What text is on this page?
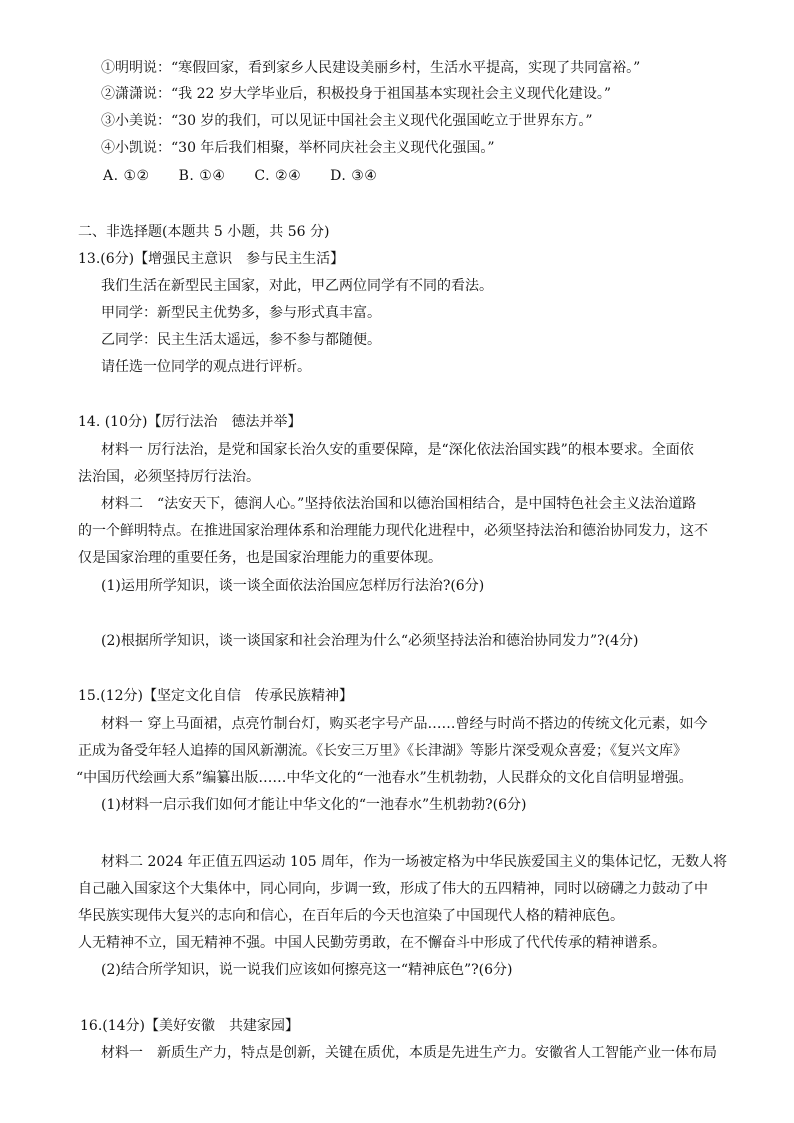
①明明说：“寒假回家，看到家乡人民建设美丽乡村，生活水平提高，实现了共同富裕。”
②潇潇说：“我 22 岁大学毕业后，积极投身于祖国基本实现社会主义现代化建设。”
③小美说：“30 岁的我们，可以见证中国社会主义现代化强国屹立于世界东方。”
④小凯说：“30 年后我们相聚，举杯同庆社会主义现代化强国。”
A. ①②　　B. ①④　　C. ②④　　D. ③④
二、非选择题(本题共 5 小题，共 56 分)
13.(6分)【增强民主意识　参与民主生活】
我们生活在新型民主国家，对此，甲乙两位同学有不同的看法。
甲同学：新型民主优势多，参与形式真丰富。
乙同学：民主生活太遥远，参不参与都随便。
请任选一位同学的观点进行评析。
14. (10分)【厉行法治　德法并举】
材料一 厉行法治，是党和国家长治久安的重要保障，是“深化依法治国实践”的根本要求。全面依
法治国，必须坚持厉行法治。
材料二　“法安天下，德润人心。”坚持依法治国和以德治国相结合，是中国特色社会主义法治道路
的一个鲜明特点。在推进国家治理体系和治理能力现代化进程中，必须坚持法治和德治协同发力，这不
仅是国家治理的重要任务，也是国家治理能力的重要体现。
(1)运用所学知识，谈一谈全面依法治国应怎样厉行法治?(6分)
(2)根据所学知识，谈一谈国家和社会治理为什么“必须坚持法治和德治协同发力”?(4分)
15.(12分)【坚定文化自信　传承民族精神】
材料一 穿上马面裙，点亮竹制台灯，购买老字号产品……曾经与时尚不搭边的传统文化元素，如今
正成为备受年轻人追捧的国风新潮流。《长安三万里》《长津湖》等影片深受观众喜爱；《复兴文库》
“中国历代绘画大系”编纂出版……中华文化的“一池春水”生机勃勃，人民群众的文化自信明显增强。
(1)材料一启示我们如何才能让中华文化的“一池春水”生机勃勃?(6分)
材料二 2024 年正值五四运动 105 周年，作为一场被定格为中华民族爱国主义的集体记忆，无数人将
自己融入国家这个大集体中，同心同向，步调一致，形成了伟大的五四精神，同时以磅礴之力鼓动了中
华民族实现伟大复兴的志向和信心，在百年后的今天也渲染了中国现代人格的精神底色。
人无精神不立，国无精神不强。中国人民勤劳勇敢，在不懈奋斗中形成了代代传承的精神谱系。
(2)结合所学知识，说一说我们应该如何擦亮这一“精神底色”?(6分)
16.(14分)【美好安徽　共建家园】
材料一　新质生产力，特点是创新，关键在质优，本质是先进生产力。安徽省人工智能产业一体布局
